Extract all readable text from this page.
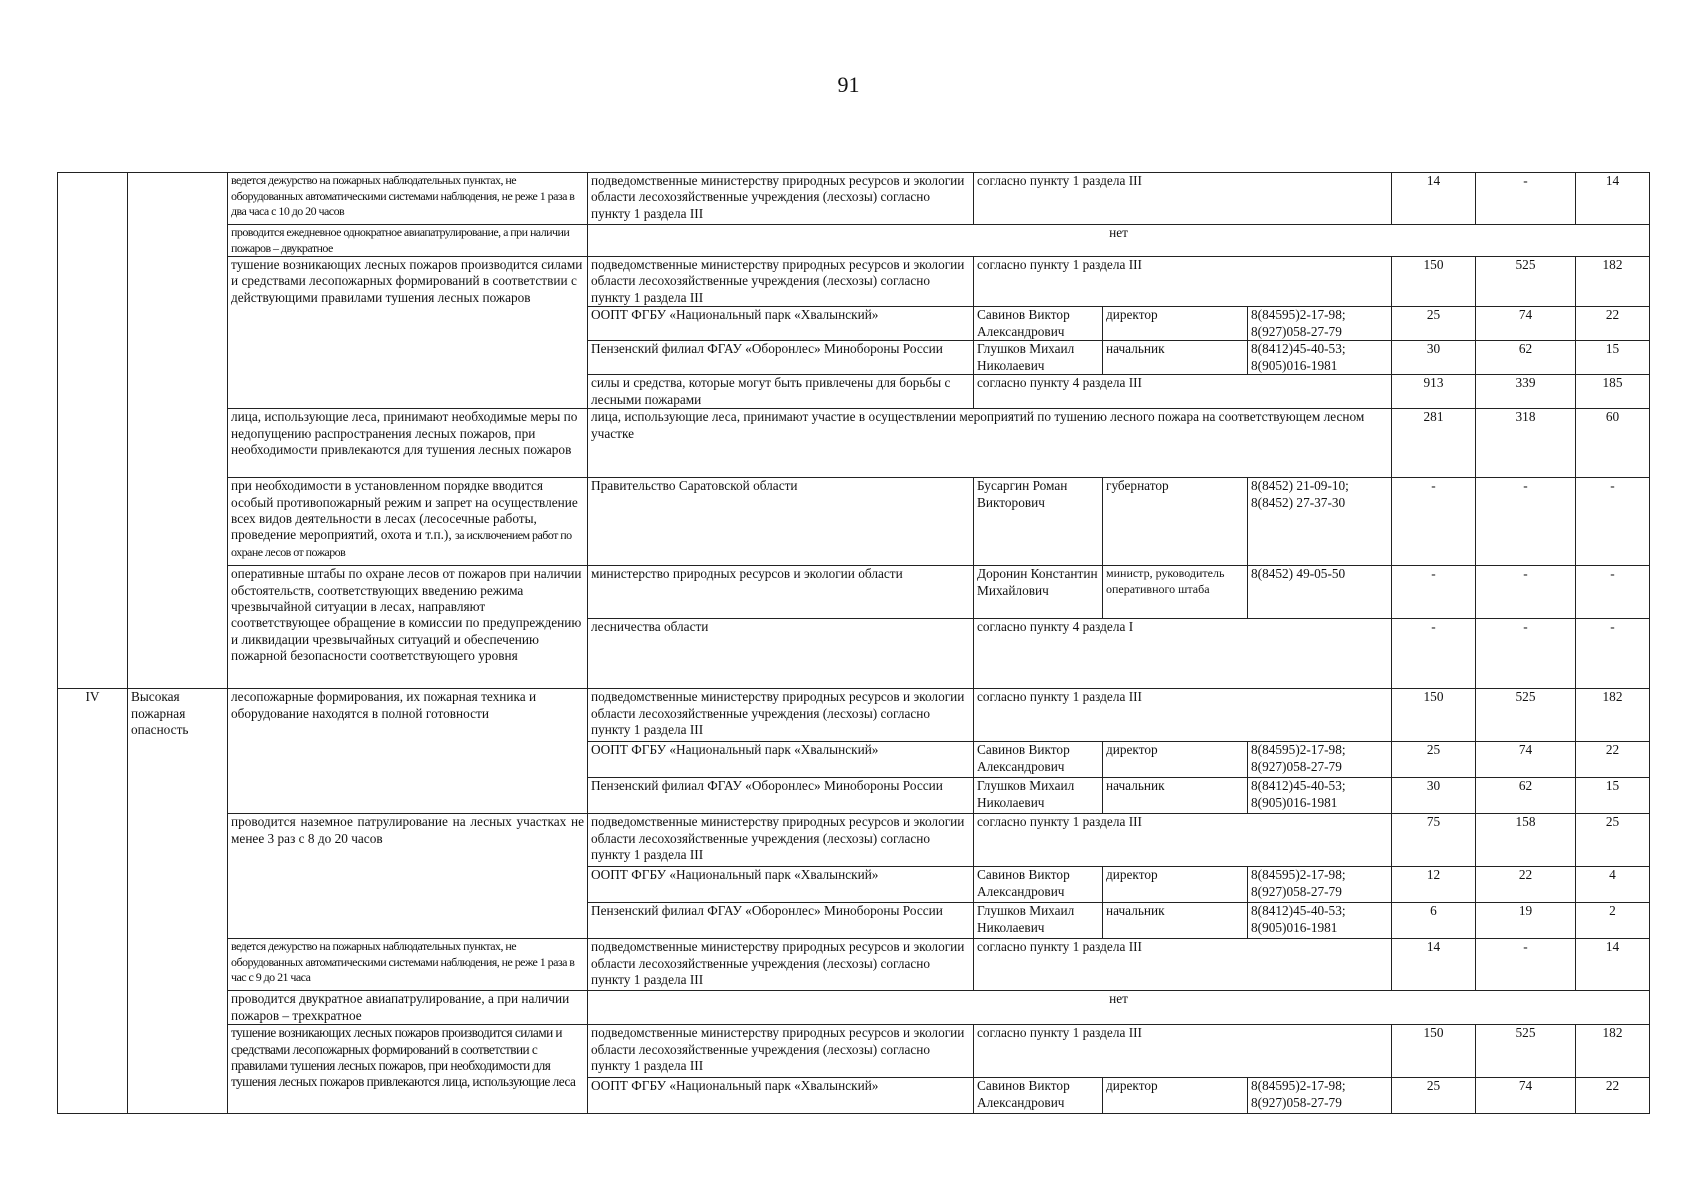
91
		ведется дежурство на пожарных наблюдательных пунктах, не оборудованных автоматическими системами наблюдения, не реже 1 раза в два часа с 10 до 20 часов	подведомственные министерству природных ресурсов и экологии области лесохозяйственные учреждения (лесхозы) согласно пункту 1 раздела III	согласно пункту 1 раздела III			14	-	14
		проводится ежедневное однократное авиапатрулирование, а при наличии пожаров – двукратное	нет						
		тушение возникающих лесных пожаров производится силами и средствами лесопожарных формирований в соответствии с действующими правилами тушения лесных пожаров	подведомственные министерству природных ресурсов и экологии области лесохозяйственные учреждения (лесхозы) согласно пункту 1 раздела III	согласно пункту 1 раздела III			150	525	182
			ООПТ ФГБУ «Национальный парк «Хвалынский»	Савинов Виктор Александрович	директор	8(84595)2-17-98; 8(927)058-27-79	25	74	22
			Пензенский филиал ФГАУ «Оборонлес» Минобороны России	Глушков Михаил Николаевич	начальник	8(8412)45-40-53; 8(905)016-1981	30	62	15
			силы и средства, которые могут быть привлечены для борьбы с лесными пожарами	согласно пункту 4 раздела III			913	339	185
		лица, использующие леса, принимают необходимые меры по недопущению распространения лесных пожаров, при необходимости привлекаются для тушения лесных пожаров	лица, использующие леса, принимают участие в осуществлении мероприятий по тушению лесного пожара на соответствующем лесном участке				281	318	60
		при необходимости в установленном порядке вводится особый противопожарный режим и запрет на осуществление всех видов деятельности в лесах (лесосечные работы, проведение мероприятий, охота и т.п.), за исключением работ по охране лесов от пожаров	Правительство Саратовской области	Бусаргин Роман Викторович	губернатор	8(8452) 21-09-10; 8(8452) 27-37-30	-	-	-
		оперативные штабы по охране лесов от пожаров при наличии обстоятельств, соответствующих введению режима чрезвычайной ситуации в лесах, направляют соответствующее обращение в комиссии по предупреждению и ликвидации чрезвычайных ситуаций и обеспечению пожарной безопасности соответствующего уровня	министерство природных ресурсов и экологии области	Доронин Константин Михайлович	министр, руководитель оперативного штаба	8(8452) 49-05-50	-	-	-
			лесничества области	согласно пункту 4 раздела I			-	-	-
IV	Высокая пожарная опасность	лесопожарные формирования, их пожарная техника и оборудование находятся в полной готовности	подведомственные министерству природных ресурсов и экологии области лесохозяйственные учреждения (лесхозы) согласно пункту 1 раздела III	согласно пункту 1 раздела III			150	525	182
			ООПТ ФГБУ «Национальный парк «Хвалынский»	Савинов Виктор Александрович	директор	8(84595)2-17-98; 8(927)058-27-79	25	74	22
			Пензенский филиал ФГАУ «Оборонлес» Минобороны России	Глушков Михаил Николаевич	начальник	8(8412)45-40-53; 8(905)016-1981	30	62	15
		проводится наземное патрулирование на лесных участках не менее 3 раз с 8 до 20 часов	подведомственные министерству природных ресурсов и экологии области лесохозяйственные учреждения (лесхозы) согласно пункту 1 раздела III	согласно пункту 1 раздела III			75	158	25
			ООПТ ФГБУ «Национальный парк «Хвалынский»	Савинов Виктор Александрович	директор	8(84595)2-17-98; 8(927)058-27-79	12	22	4
			Пензенский филиал ФГАУ «Оборонлес» Минобороны России	Глушков Михаил Николаевич	начальник	8(8412)45-40-53; 8(905)016-1981	6	19	2
		ведется дежурство на пожарных наблюдательных пунктах, не оборудованных автоматическими системами наблюдения, не реже 1 раза в час с 9 до 21 часа	подведомственные министерству природных ресурсов и экологии области лесохозяйственные учреждения (лесхозы) согласно пункту 1 раздела III	согласно пункту 1 раздела III			14	-	14
		проводится двукратное авиапатрулирование, а при наличии пожаров – трехкратное	нет						
		тушение возникающих лесных пожаров производится силами и средствами лесопожарных формирований в соответствии с правилами тушения лесных пожаров, при необходимости для тушения лесных пожаров привлекаются лица, использующие леса	подведомственные министерству природных ресурсов и экологии области лесохозяйственные учреждения (лесхозы) согласно пункту 1 раздела III	согласно пункту 1 раздела III			150	525	182
			ООПТ ФГБУ «Национальный парк «Хвалынский»	Савинов Виктор Александрович	директор	8(84595)2-17-98; 8(927)058-27-79	25	74	22
